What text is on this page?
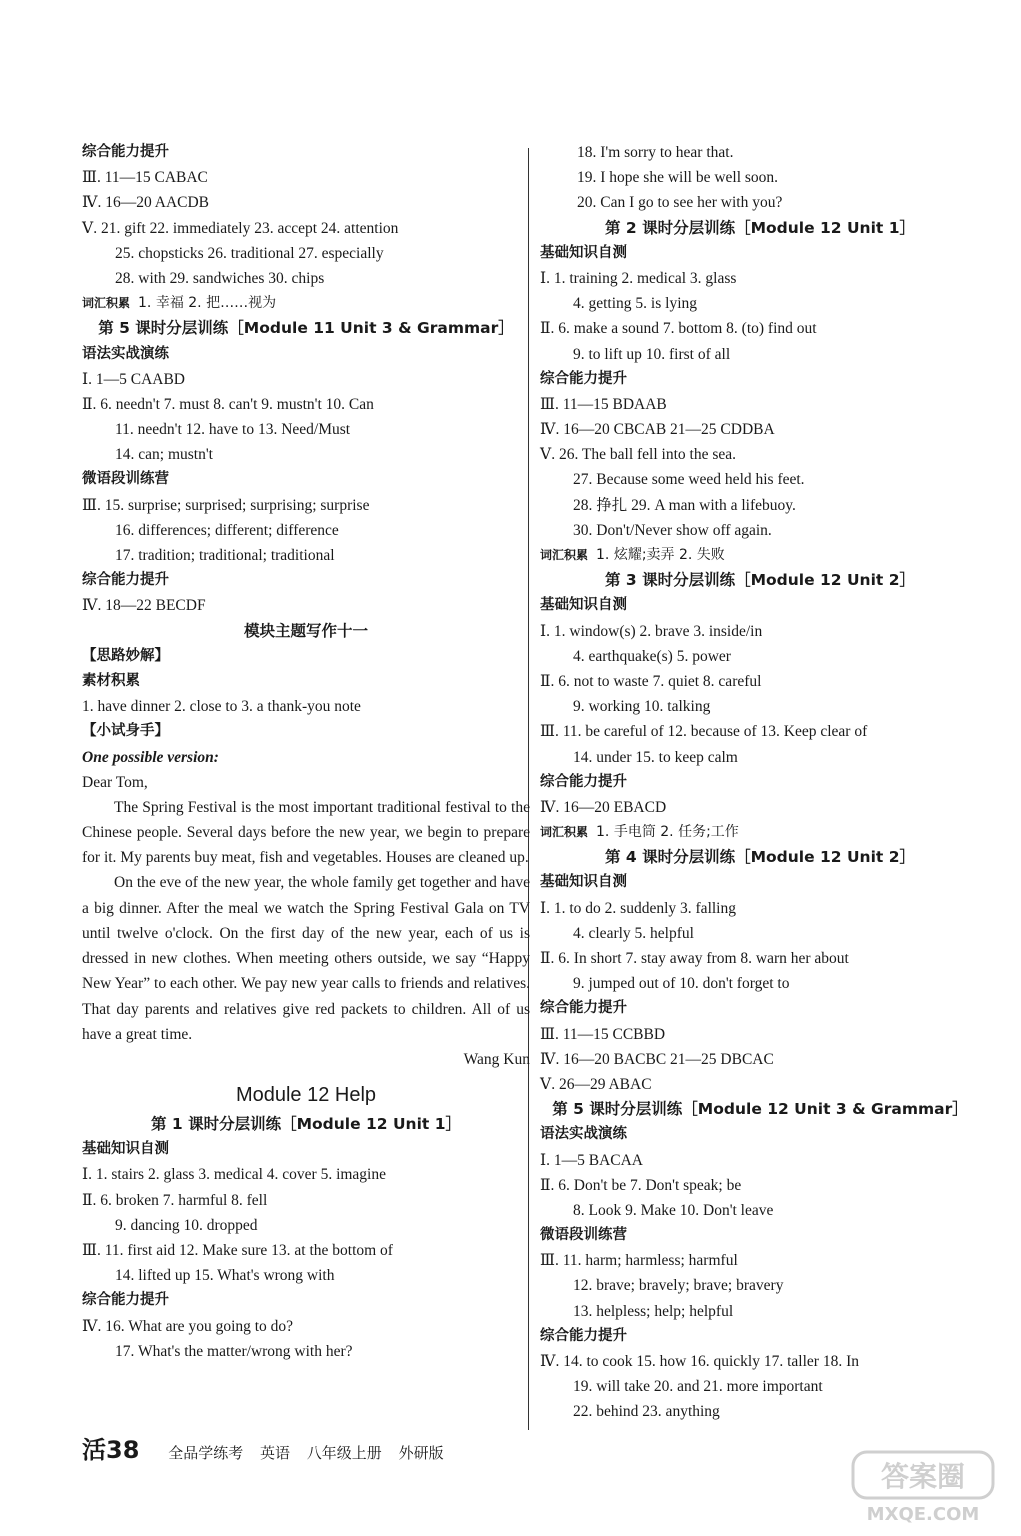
综合能力提升
Ⅲ. 11—15 CABAC
Ⅳ. 16—20 AACDB
Ⅴ. 21. gift 22. immediately 23. accept 24. attention
25. chopsticks 26. traditional 27. especially
28. with 29. sandwiches 30. chips
词汇积累 1. 幸福 2. 把……视为
第 5 课时分层训练［Module 11 Unit 3 & Grammar］
语法实战演练
Ⅰ. 1—5 CAABD
Ⅱ. 6. needn't 7. must 8. can't 9. mustn't 10. Can
11. needn't 12. have to 13. Need/Must
14. can; mustn't
微语段训练营
Ⅲ. 15. surprise; surprised; surprising; surprise
16. differences; different; difference
17. tradition; traditional; traditional
综合能力提升
Ⅳ. 18—22 BECDF
模块主题写作十一
【思路妙解】
素材积累
1. have dinner 2. close to 3. a thank-you note
【小试身手】
One possible version:
Dear Tom,

The Spring Festival is the most important traditional festival to the Chinese people. Several days before the new year, we begin to prepare for it. My parents buy meat, fish and vegetables. Houses are cleaned up.

On the eve of the new year, the whole family get together and have a big dinner. After the meal we watch the Spring Festival Gala on TV until twelve o'clock. On the first day of the new year, each of us is dressed in new clothes. When meeting others outside, we say “Happy New Year” to each other. We pay new year calls to friends and relatives. That day parents and relatives give red packets to children. All of us have a great time.

Wang Kun
Module 12 Help
第 1 课时分层训练［Module 12 Unit 1］
基础知识自测
Ⅰ. 1. stairs 2. glass 3. medical 4. cover 5. imagine
Ⅱ. 6. broken 7. harmful 8. fell
9. dancing 10. dropped
Ⅲ. 11. first aid 12. Make sure 13. at the bottom of
14. lifted up 15. What's wrong with
综合能力提升
Ⅳ. 16. What are you going to do?
17. What's the matter/wrong with her?
18. I'm sorry to hear that.
19. I hope she will be well soon.
20. Can I go to see her with you?
第 2 课时分层训练［Module 12 Unit 1］
基础知识自测
Ⅰ. 1. training 2. medical 3. glass
4. getting 5. is lying
Ⅱ. 6. make a sound 7. bottom 8. (to) find out
9. to lift up 10. first of all
综合能力提升
Ⅲ. 11—15 BDAAB
Ⅳ. 16—20 CBCAB 21—25 CDDBA
Ⅴ. 26. The ball fell into the sea.
27. Because some weed held his feet.
28. 挣扎 29. A man with a lifebuoy.
30. Don't/Never show off again.
词汇积累 1. 炫耀;卖弄 2. 失败
第 3 课时分层训练［Module 12 Unit 2］
基础知识自测
Ⅰ. 1. window(s) 2. brave 3. inside/in
4. earthquake(s) 5. power
Ⅱ. 6. not to waste 7. quiet 8. careful
9. working 10. talking
Ⅲ. 11. be careful of 12. because of 13. Keep clear of
14. under 15. to keep calm
综合能力提升
Ⅳ. 16—20 EBACD
词汇积累 1. 手电筒 2. 任务;工作
第 4 课时分层训练［Module 12 Unit 2］
基础知识自测
Ⅰ. 1. to do 2. suddenly 3. falling
4. clearly 5. helpful
Ⅱ. 6. In short 7. stay away from 8. warn her about
9. jumped out of 10. don't forget to
综合能力提升
Ⅲ. 11—15 CCBBD
Ⅳ. 16—20 BACBC 21—25 DBCAC
Ⅴ. 26—29 ABAC
第 5 课时分层训练［Module 12 Unit 3 & Grammar］
语法实战演练
Ⅰ. 1—5 BACAA
Ⅱ. 6. Don't be 7. Don't speak; be
8. Look 9. Make 10. Don't leave
微语段训练营
Ⅲ. 11. harm; harmless; harmful
12. brave; bravely; brave; bravery
13. helpless; help; helpful
综合能力提升
Ⅳ. 14. to cook 15. how 16. quickly 17. taller 18. In
19. will take 20. and 21. more important
22. behind 23. anything
活38 全品学练考 英语 八年级上册 外研版
答案圈
MXQE.COM
